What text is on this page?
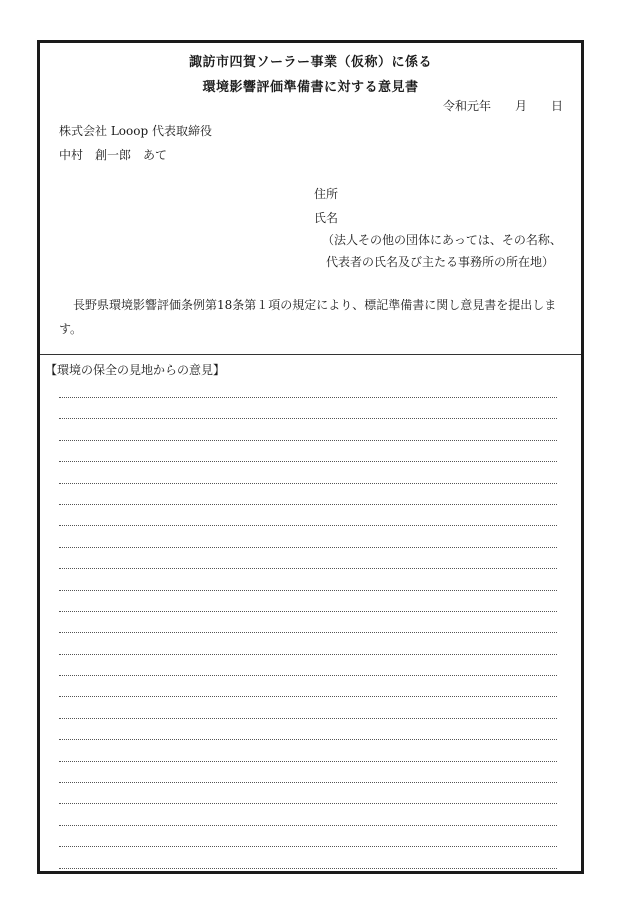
諏訪市四賀ソーラー事業（仮称）に係る
環境影響評価準備書に対する意見書
令和元年　　月　　日
株式会社 Looop 代表取締役
中村　創一郎　あて
住所
氏名
（法人その他の団体にあっては、その名称、
代表者の氏名及び主たる事務所の所在地）
長野県環境影響評価条例第18条第１項の規定により、標記準備書に関し意見書を提出します。
【環境の保全の見地からの意見】
